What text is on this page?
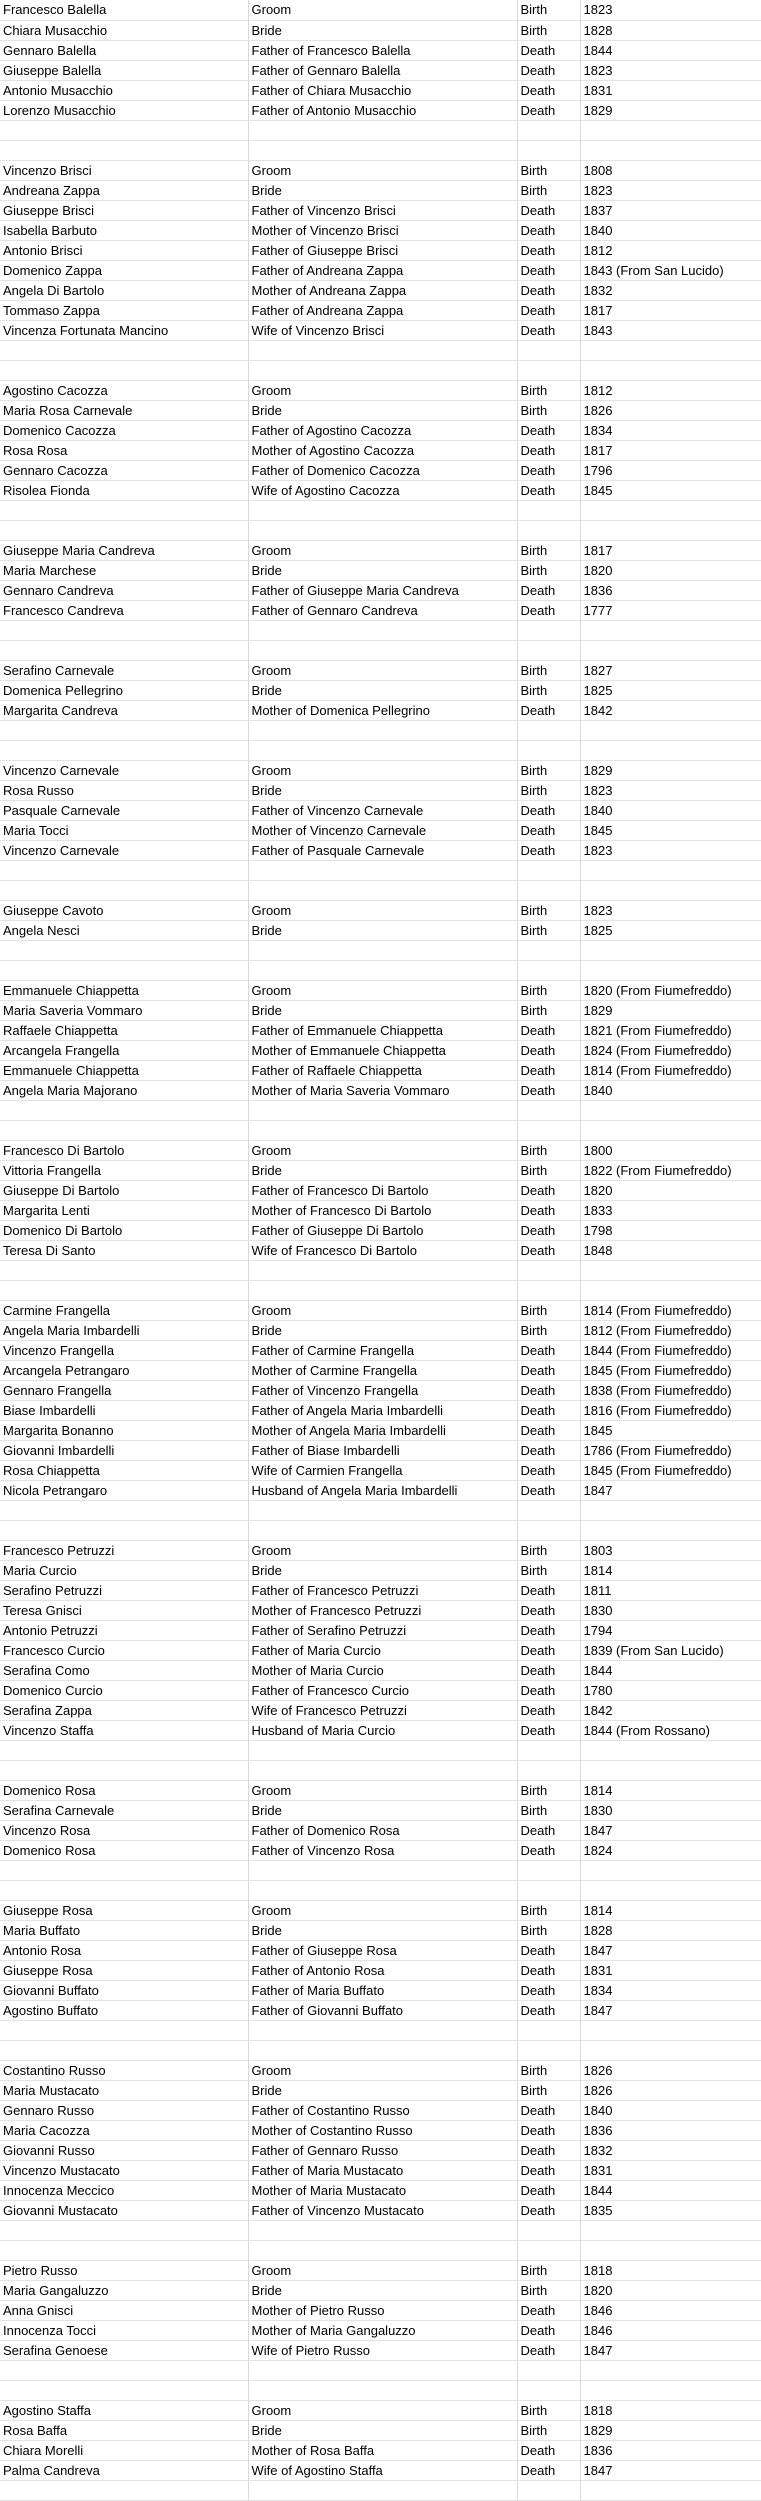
Francesco Balella	Groom	Birth	1823
Chiara Musacchio	Bride	Birth	1828
Gennaro Balella	Father of Francesco Balella	Death	1844
Giuseppe Balella	Father of Gennaro Balella	Death	1823
Antonio Musacchio	Father of Chiara Musacchio	Death	1831
Lorenzo Musacchio	Father of Antonio Musacchio	Death	1829

Vincenzo Brisci	Groom	Birth	1808
Andreana Zappa	Bride	Birth	1823
Giuseppe Brisci	Father of Vincenzo Brisci	Death	1837
Isabella Barbuto	Mother of Vincenzo Brisci	Death	1840
Antonio Brisci	Father of Giuseppe Brisci	Death	1812
Domenico Zappa	Father of Andreana Zappa	Death	1843 (From San Lucido)
Angela Di Bartolo	Mother of Andreana Zappa	Death	1832
Tommaso Zappa	Father of Andreana Zappa	Death	1817
Vincenza Fortunata Mancino	Wife of Vincenzo Brisci	Death	1843

Agostino Cacozza	Groom	Birth	1812
Maria Rosa Carnevale	Bride	Birth	1826
Domenico Cacozza	Father of Agostino Cacozza	Death	1834
Rosa Rosa	Mother of Agostino Cacozza	Death	1817
Gennaro Cacozza	Father of Domenico Cacozza	Death	1796
Risolea Fionda	Wife of Agostino Cacozza	Death	1845

Giuseppe Maria Candreva	Groom	Birth	1817
Maria Marchese	Bride	Birth	1820
Gennaro Candreva	Father of Giuseppe Maria Candreva	Death	1836
Francesco Candreva	Father of Gennaro Candreva	Death	1777

Serafino Carnevale	Groom	Birth	1827
Domenica Pellegrino	Bride	Birth	1825
Margarita Candreva	Mother of Domenica Pellegrino	Death	1842

Vincenzo Carnevale	Groom	Birth	1829
Rosa Russo	Bride	Birth	1823
Pasquale Carnevale	Father of Vincenzo Carnevale	Death	1840
Maria Tocci	Mother of Vincenzo Carnevale	Death	1845
Vincenzo Carnevale	Father of Pasquale Carnevale	Death	1823

Giuseppe Cavoto	Groom	Birth	1823
Angela Nesci	Bride	Birth	1825

Emmanuele Chiappetta	Groom	Birth	1820 (From Fiumefreddo)
Maria Saveria Vommaro	Bride	Birth	1829
Raffaele Chiappetta	Father of Emmanuele Chiappetta	Death	1821 (From Fiumefreddo)
Arcangela Frangella	Mother of Emmanuele Chiappetta	Death	1824 (From Fiumefreddo)
Emmanuele Chiappetta	Father of Raffaele Chiappetta	Death	1814 (From Fiumefreddo)
Angela Maria Majorano	Mother of Maria Saveria Vommaro	Death	1840

Francesco Di Bartolo	Groom	Birth	1800
Vittoria Frangella	Bride	Birth	1822 (From Fiumefreddo)
Giuseppe Di Bartolo	Father of Francesco Di Bartolo	Death	1820
Margarita Lenti	Mother of Francesco Di Bartolo	Death	1833
Domenico Di Bartolo	Father of Giuseppe Di Bartolo	Death	1798
Teresa Di Santo	Wife of Francesco Di Bartolo	Death	1848

Carmine Frangella	Groom	Birth	1814 (From Fiumefreddo)
Angela Maria Imbardelli	Bride	Birth	1812 (From Fiumefreddo)
Vincenzo Frangella	Father of Carmine Frangella	Death	1844 (From Fiumefreddo)
Arcangela Petrangaro	Mother of Carmine Frangella	Death	1845 (From Fiumefreddo)
Gennaro Frangella	Father of Vincenzo Frangella	Death	1838 (From Fiumefreddo)
Biase Imbardelli	Father of Angela Maria Imbardelli	Death	1816 (From Fiumefreddo)
Margarita Bonanno	Mother of Angela Maria Imbardelli	Death	1845
Giovanni Imbardelli	Father of Biase Imbardelli	Death	1786 (From Fiumefreddo)
Rosa Chiappetta	Wife of Carmien Frangella	Death	1845 (From Fiumefreddo)
Nicola Petrangaro	Husband of Angela Maria Imbardelli	Death	1847

Francesco Petruzzi	Groom	Birth	1803
Maria Curcio	Bride	Birth	1814
Serafino Petruzzi	Father of Francesco Petruzzi	Death	1811
Teresa Gnisci	Mother of Francesco Petruzzi	Death	1830
Antonio Petruzzi	Father of Serafino Petruzzi	Death	1794
Francesco Curcio	Father of Maria Curcio	Death	1839 (From San Lucido)
Serafina Como	Mother of Maria Curcio	Death	1844
Domenico Curcio	Father of Francesco Curcio	Death	1780
Serafina Zappa	Wife of Francesco Petruzzi	Death	1842
Vincenzo Staffa	Husband of Maria Curcio	Death	1844 (From Rossano)

Domenico Rosa	Groom	Birth	1814
Serafina Carnevale	Bride	Birth	1830
Vincenzo Rosa	Father of Domenico Rosa	Death	1847
Domenico Rosa	Father of Vincenzo Rosa	Death	1824

Giuseppe Rosa	Groom	Birth	1814
Maria Buffato	Bride	Birth	1828
Antonio Rosa	Father of Giuseppe Rosa	Death	1847
Giuseppe Rosa	Father of Antonio Rosa	Death	1831
Giovanni Buffato	Father of Maria Buffato	Death	1834
Agostino Buffato	Father of Giovanni Buffato	Death	1847

Costantino Russo	Groom	Birth	1826
Maria Mustacato	Bride	Birth	1826
Gennaro Russo	Father of Costantino Russo	Death	1840
Maria Cacozza	Mother of Costantino Russo	Death	1836
Giovanni Russo	Father of Gennaro Russo	Death	1832
Vincenzo Mustacato	Father of Maria Mustacato	Death	1831
Innocenza Meccico	Mother of Maria Mustacato	Death	1844
Giovanni Mustacato	Father of Vincenzo Mustacato	Death	1835

Pietro Russo	Groom	Birth	1818
Maria Gangaluzzo	Bride	Birth	1820
Anna Gnisci	Mother of Pietro Russo	Death	1846
Innocenza Tocci	Mother of Maria Gangaluzzo	Death	1846
Serafina Genoese	Wife of Pietro Russo	Death	1847

Agostino Staffa	Groom	Birth	1818
Rosa Baffa	Bride	Birth	1829
Chiara Morelli	Mother of Rosa Baffa	Death	1836
Palma Candreva	Wife of Agostino Staffa	Death	1847
